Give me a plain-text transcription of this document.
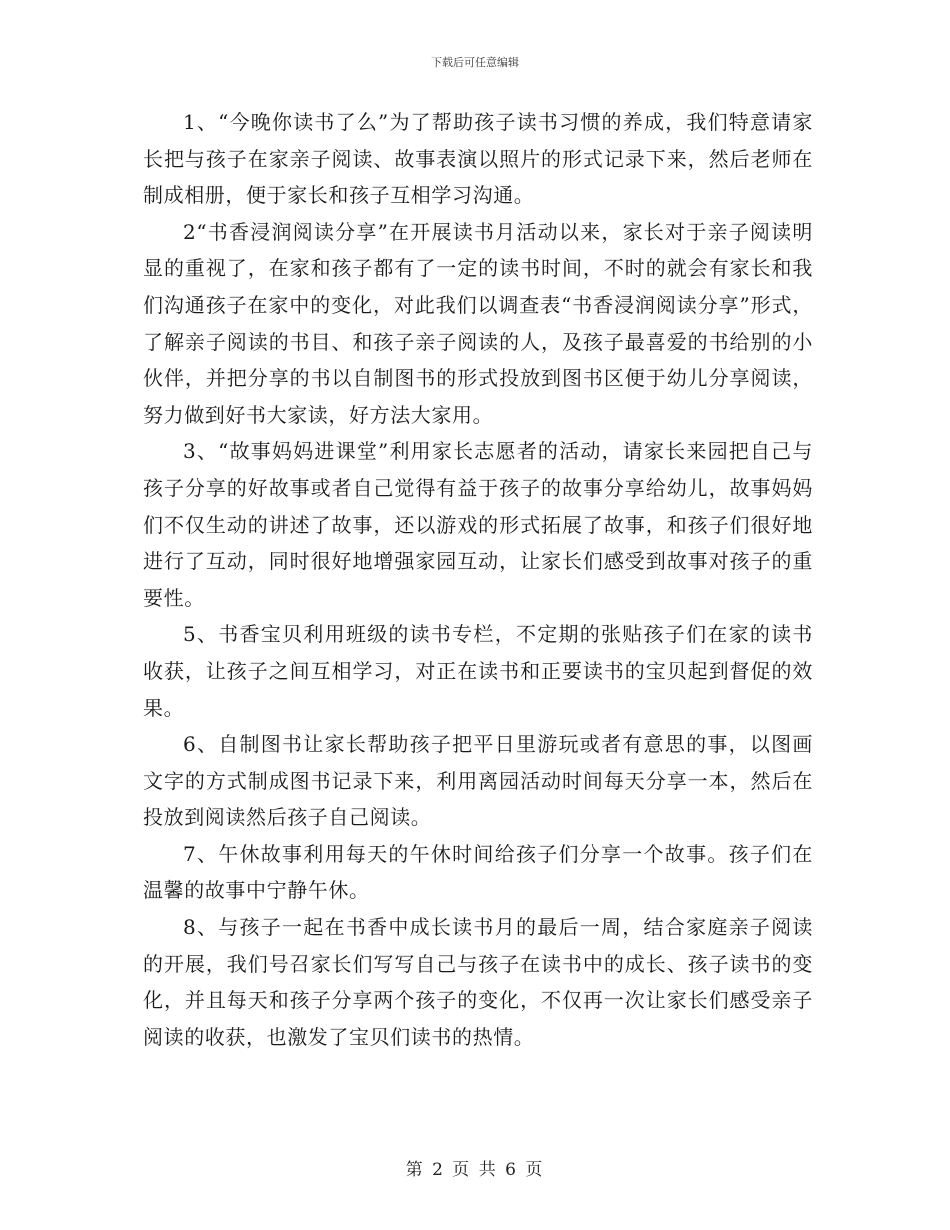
下载后可任意编辑

1、“今晚你读书了么”为了帮助孩子读书习惯的养成，我们特意请家长把与孩子在家亲子阅读、故事表演以照片的形式记录下来，然后老师在制成相册，便于家长和孩子互相学习沟通。

2“书香浸润阅读分享”在开展读书月活动以来，家长对于亲子阅读明显的重视了，在家和孩子都有了一定的读书时间，不时的就会有家长和我们沟通孩子在家中的变化，对此我们以调查表“书香浸润阅读分享”形式，了解亲子阅读的书目、和孩子亲子阅读的人，及孩子最喜爱的书给别的小伙伴，并把分享的书以自制图书的形式投放到图书区便于幼儿分享阅读，努力做到好书大家读，好方法大家用。

3、“故事妈妈进课堂”利用家长志愿者的活动，请家长来园把自己与孩子分享的好故事或者自己觉得有益于孩子的故事分享给幼儿，故事妈妈们不仅生动的讲述了故事，还以游戏的形式拓展了故事，和孩子们很好地进行了互动，同时很好地增强家园互动，让家长们感受到故事对孩子的重要性。

5、书香宝贝利用班级的读书专栏，不定期的张贴孩子们在家的读书收获，让孩子之间互相学习，对正在读书和正要读书的宝贝起到督促的效果。

6、自制图书让家长帮助孩子把平日里游玩或者有意思的事，以图画文字的方式制成图书记录下来，利用离园活动时间每天分享一本，然后在投放到阅读然后孩子自己阅读。

7、午休故事利用每天的午休时间给孩子们分享一个故事。孩子们在温馨的故事中宁静午休。

8、与孩子一起在书香中成长读书月的最后一周，结合家庭亲子阅读的开展，我们号召家长们写写自己与孩子在读书中的成长、孩子读书的变化，并且每天和孩子分享两个孩子的变化，不仅再一次让家长们感受亲子阅读的收获，也激发了宝贝们读书的热情。

第 2 页 共 6 页
